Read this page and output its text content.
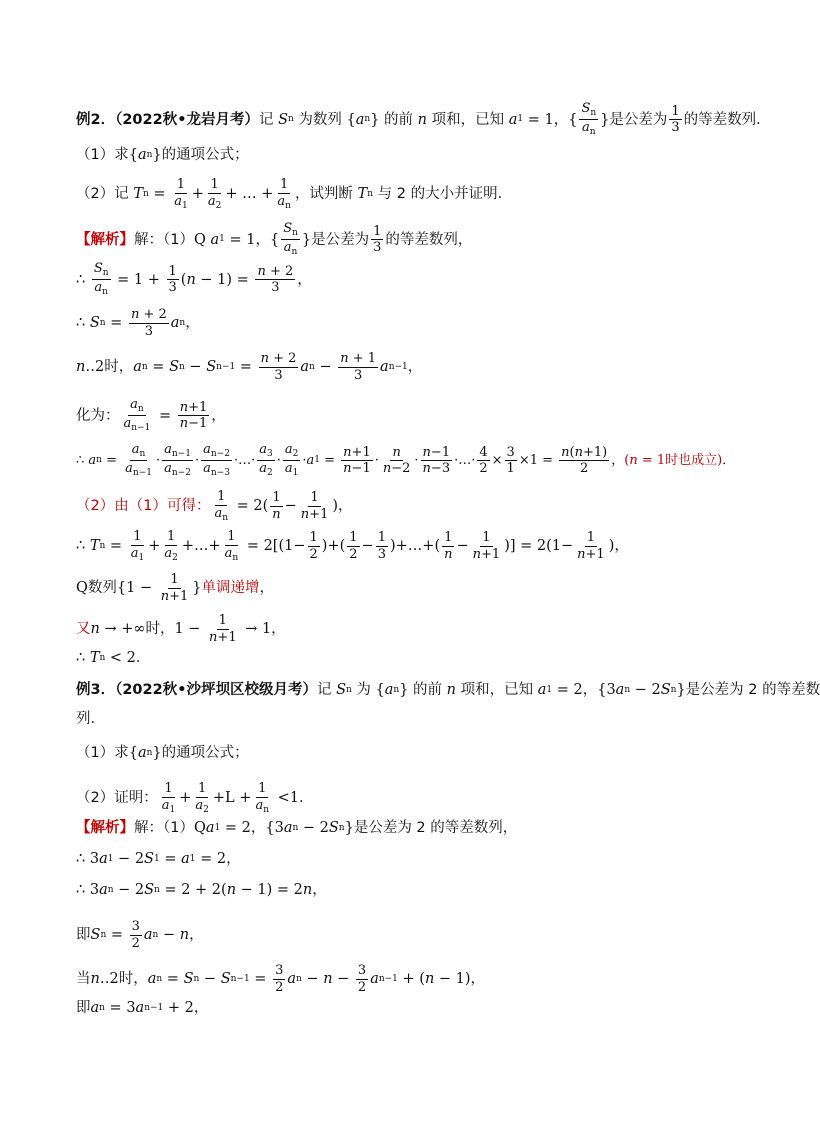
例2．（2022秋•龙岩月考） 记 S n 为数列 { a n } 的前 n 项和，已知 a 1 = 1 ， { $\frac{S_n}{a_n}$ } 是公差为 $\frac{1}{3}$ 的等差数列．
（1）求 { a n } 的通项公式；
（2）记 T $n = \frac{1}{a_1} + \frac{1}{a_2}$ + … + $\frac{1}{a_n}$ ，试判断 T n 与 2 的大小并证明．
【解析】 解：（1） Q a 1 = 1 ， { $\frac{S_n}{a_n}$ } 是公差为 $\frac{1}{3}$ 的等差数列，
∴ $\frac{S_n}{a_n} = 1 + \frac{1}{3}$ ( $n - 1) = \frac{n + 2}{3}$ ，
∴ S $n = \frac{n + 2}{3}$ a n ，
n ‥2 时， a n = S n − S $n-1 = \frac{n + 2}{3}$ a $n - \frac{n + 1}{3}$ a n−1 ，
化为： $\frac{a_n}{a_{n-1}} = \frac{n+1}{n-1}$ ，
∴ a $n = \frac{a_n}{a_{n-1}} \cdot \frac{a_{n-1}}{a_{n-2}} \cdot \frac{a_{n-2}}{a_{n-3}}$ ·…· $\frac{a_3}{a_2} \cdot \frac{a_2}{a_1} \cdot a$ $1 = \frac{n+1}{n-1} \cdot \frac{n}{n-2} \cdot \frac{n-1}{n-3}$ ·…· $\frac{4}{2} \times \frac{3}{1} \times 1 = \frac{n(n+1)}{2}$ ， (n = 1时也成立) ．
（2）由（1）可得： $\frac{1}{a_n} = 2( \frac{1}{n} - \frac{1}{n+1}$ )，
∴ T $n = \frac{1}{a_1} + \frac{1}{a_2}$ +…+ $\frac{1}{a_n} = 2[(1- \frac{1}{2}$ )+( $\frac{1}{2} - \frac{1}{3}$ )+…+( $\frac{1}{n} - \frac{1}{n+1}$ )] = $2(1- \frac{1}{n+1}$ )，
Q 数列 {$1 - \frac{1}{n+1}$ } 单调递增 ，
又 n → +∞ 时， $1 - \frac{1}{n+1} \to 1$，
∴ T n < 2．
例3．（2022秋•沙坪坝区校级月考） 记 S n 为 { a n } 的前 n 项和，已知 a 1 = 2 ， {3 a n − 2 S n } 是公差为 2 的等差数
列．
（1）求 { a n } 的通项公式；
（2）证明： $\frac{1}{a_1} + \frac{1}{a_2} +L + \frac{1}{a_n} <1$．
【解析】 解：（1） Q a 1 = 2，{3 a n − 2 S n } 是公差为 2 的等差数列，
∴ 3 a 1 − 2 S 1 = a 1 = 2，
∴ 3 a n − 2 S n = 2 + 2( n − 1) = 2 n ，
即 S $n = \frac{3}{2}$ a n − n ，
当 n ‥2 时， a n = S n − S $n-1 = \frac{3}{2}$ a $n - n - \frac{3}{2}$ a n−1 + ( n − 1)，
即 a n = 3 a n−1 + 2，
